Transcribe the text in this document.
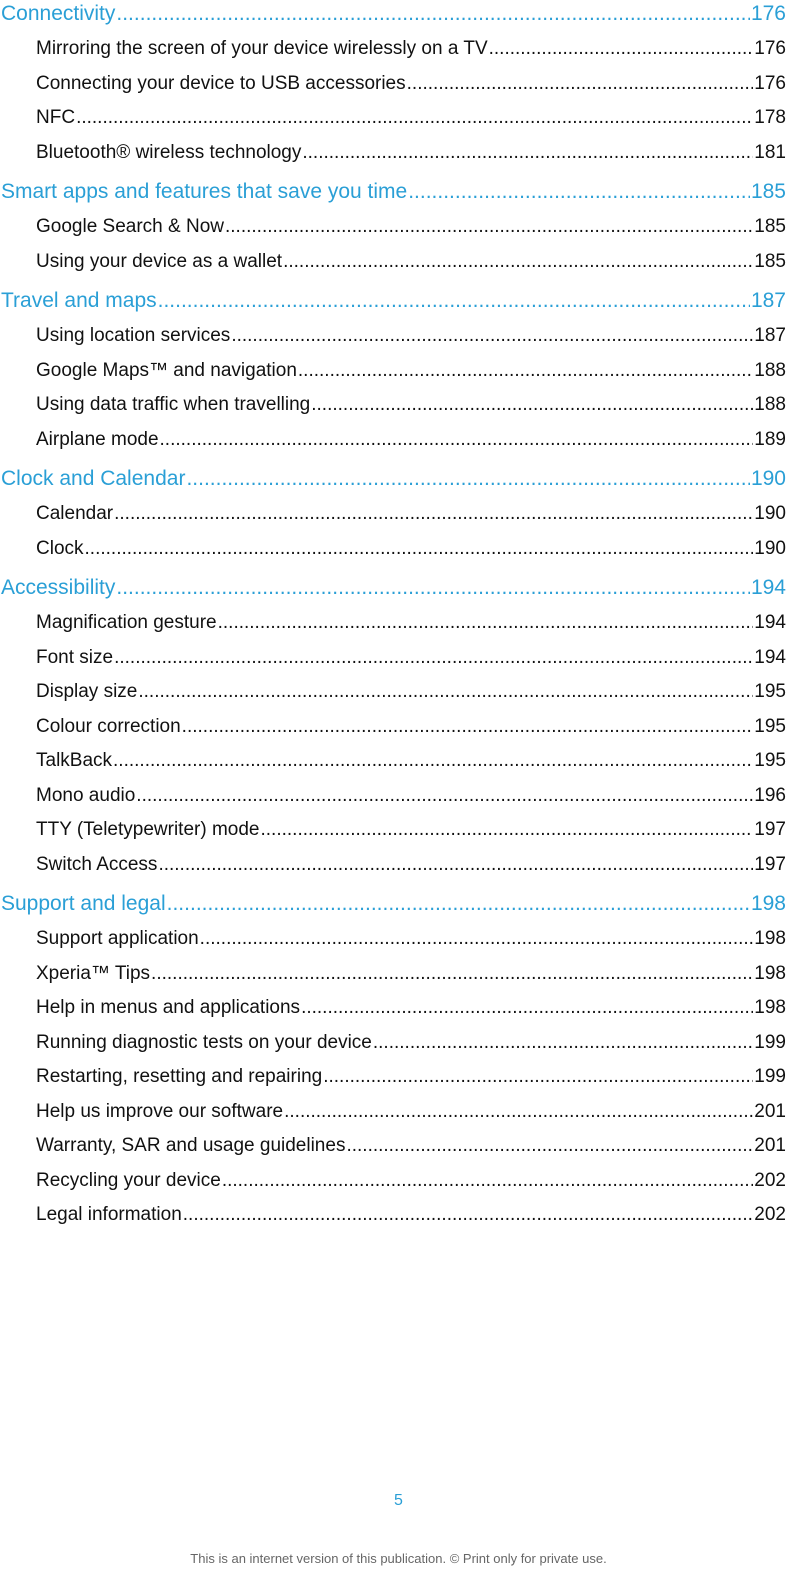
Connectivity .....	176
Mirroring the screen of your device wirelessly on a TV .....	176
Connecting your device to USB accessories .....	176
NFC .....	178
Bluetooth® wireless technology .....	181
Smart apps and features that save you time .....	185
Google Search & Now .....	185
Using your device as a wallet .....	185
Travel and maps .....	187
Using location services .....	187
Google Maps™ and navigation .....	188
Using data traffic when travelling .....	188
Airplane mode .....	189
Clock and Calendar .....	190
Calendar .....	190
Clock .....	190
Accessibility .....	194
Magnification gesture .....	194
Font size .....	194
Display size .....	195
Colour correction .....	195
TalkBack .....	195
Mono audio .....	196
TTY (Teletypewriter) mode .....	197
Switch Access .....	197
Support and legal .....	198
Support application .....	198
Xperia™ Tips .....	198
Help in menus and applications .....	198
Running diagnostic tests on your device .....	199
Restarting, resetting and repairing .....	199
Help us improve our software .....	201
Warranty, SAR and usage guidelines .....	201
Recycling your device .....	202
Legal information .....	202
5
This is an internet version of this publication. © Print only for private use.
